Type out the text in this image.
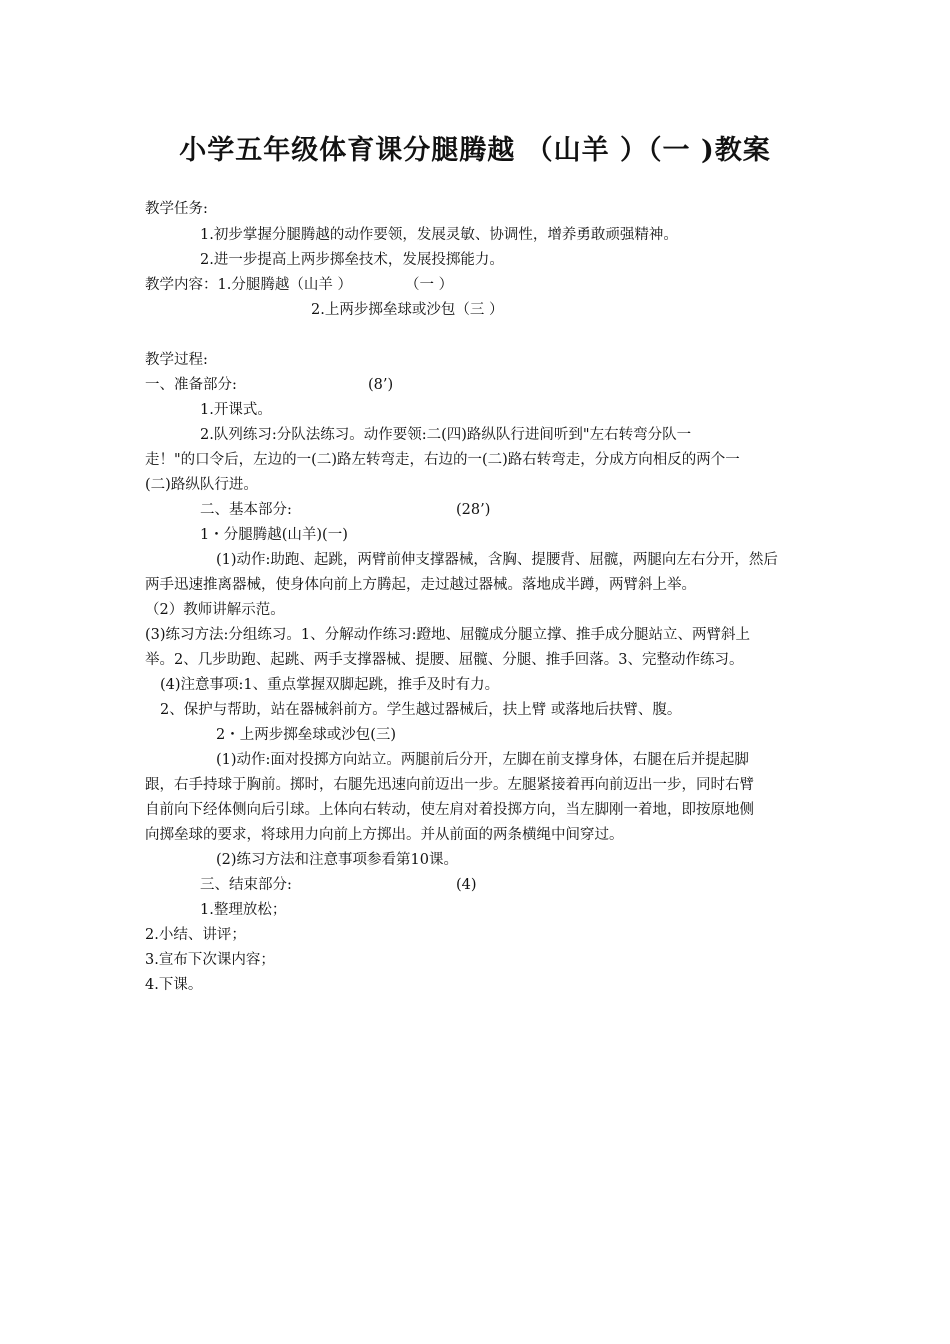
小学五年级体育课分腿腾越 （山羊 ）（一 )教案
教学任务:
1.初步掌握分腿腾越的动作要领，发展灵敏、协调性，增养勇敢顽强精神。
2.进一步提高上两步掷垒技术，发展投掷能力。
教学内容：1.分腿腾越（山羊 ）	（一 ）
2.上两步掷垒球或沙包（三 ）
教学过程:
一、准备部分:	(8’)
1.开课式。
2.队列练习:分队法练习。动作要领:二(四)路纵队行进间听到"左右转弯分队一
走！"的口令后，左边的一(二)路左转弯走，右边的一(二)路右转弯走，分成方向相反的两个一
(二)路纵队行进。
二、基本部分:	(28’)
1・分腿腾越(山羊)(一)
(1)动作:助跑、起跳，两臂前伸支撑器械，含胸、提腰背、屈髋，两腿向左右分开，然后
两手迅速推离器械，使身体向前上方腾起，走过越过器械。落地成半蹲，两臂斜上举。
（2）教师讲解示范。
(3)练习方法:分组练习。1、分解动作练习:蹬地、屈髋成分腿立撑、推手成分腿站立、两臂斜上
举。2、几步助跑、起跳、两手支撑器械、提腰、屈髋、分腿、推手回落。3、完整动作练习。
(4)注意事项:1、重点掌握双脚起跳，推手及时有力。
2、保护与帮助，站在器械斜前方。学生越过器械后，扶上臂 或落地后扶臂、腹。
2・上两步掷垒球或沙包(三)
(1)动作:面对投掷方向站立。两腿前后分开，左脚在前支撑身体，右腿在后并提起脚
跟，右手持球于胸前。掷时，右腿先迅速向前迈出一步。左腿紧接着再向前迈出一步，同时右臂
自前向下经体侧向后引球。上体向右转动，使左肩对着投掷方向，当左脚刚一着地，即按原地侧
向掷垒球的要求，将球用力向前上方掷出。并从前面的两条横绳中间穿过。
(2)练习方法和注意事项参看第10课。
三、结束部分:	(4)
1.整理放松；
2.小结、讲评；
3.宣布下次课内容；
4.下课。
